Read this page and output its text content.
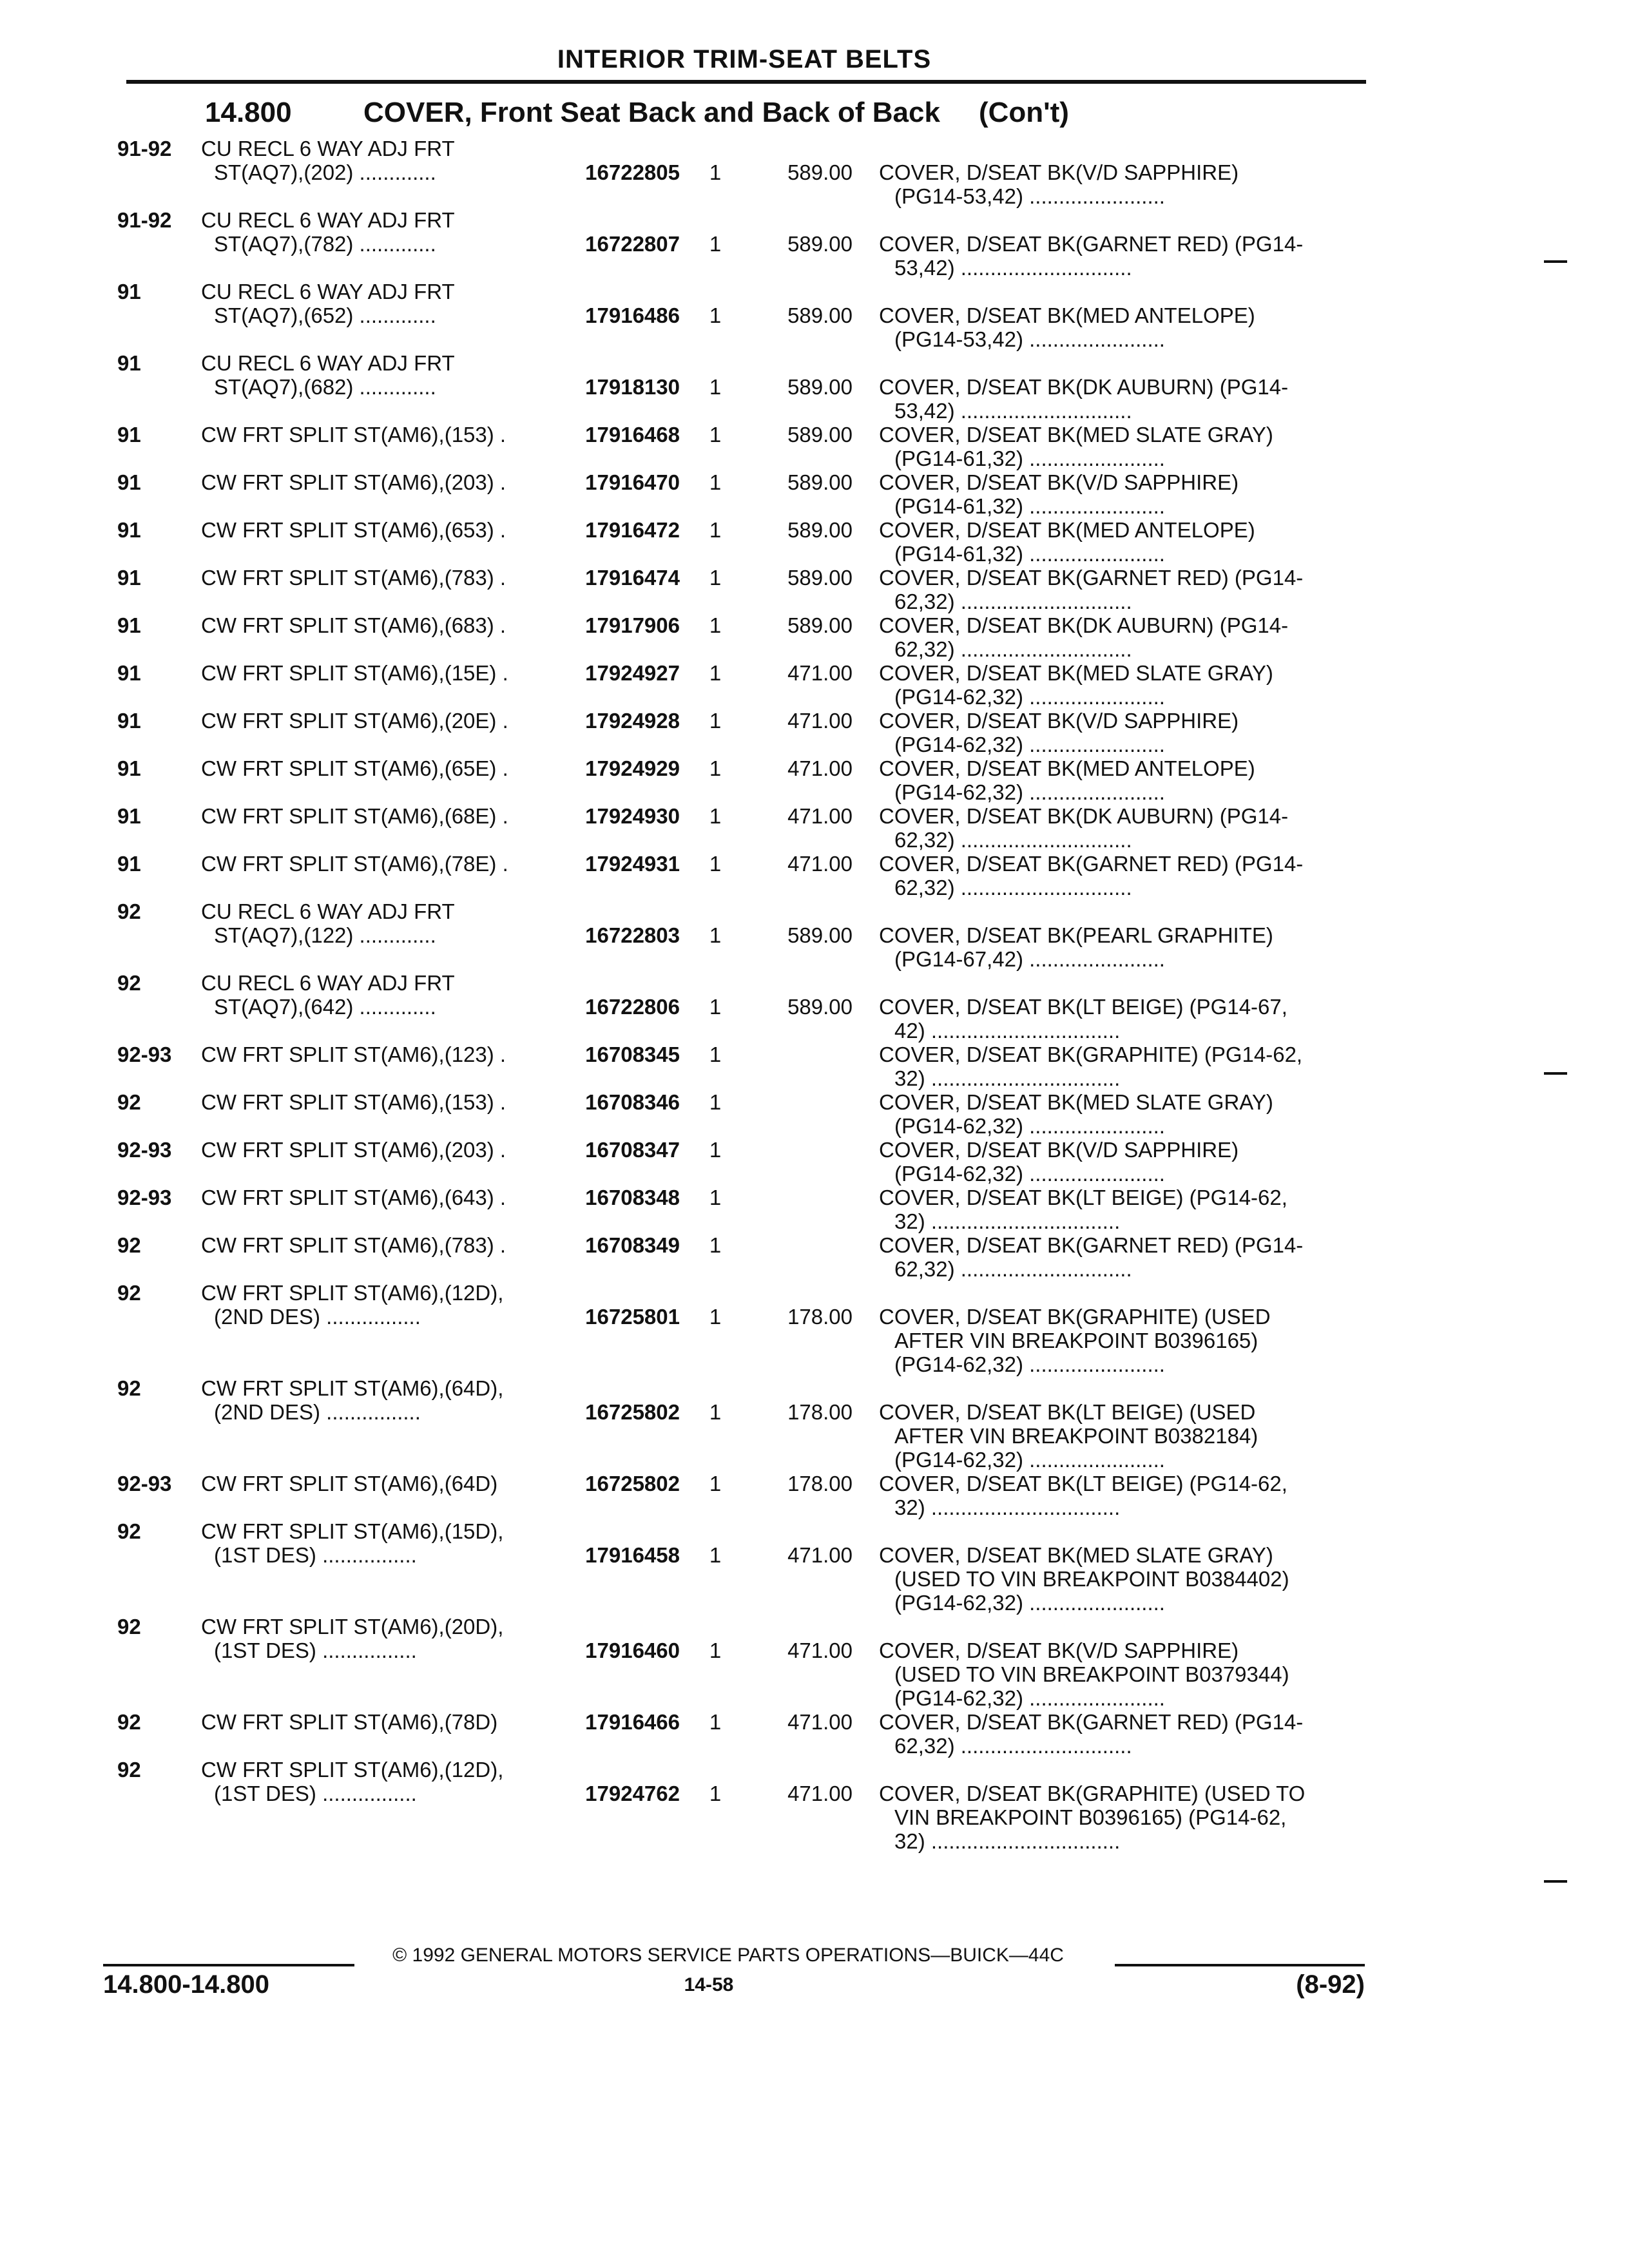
INTERIOR TRIM-SEAT BELTS
14.800	COVER, Front Seat Back and Back of Back (Con't)
91-92	CU RECL 6 WAY ADJ FRT
ST(AQ7),(202) .............	16722805	1	589.00 COVER, D/SEAT BK(V/D SAPPHIRE)
(PG14-53,42) .......................
91-92	CU RECL 6 WAY ADJ FRT
ST(AQ7),(782) .............	16722807	1	589.00 COVER, D/SEAT BK(GARNET RED) (PG14-
53,42) .............................
91	CU RECL 6 WAY ADJ FRT
ST(AQ7),(652) .............	17916486	1	589.00 COVER, D/SEAT BK(MED ANTELOPE)
(PG14-53,42) .......................
91	CU RECL 6 WAY ADJ FRT
ST(AQ7),(682) .............	17918130	1	589.00 COVER, D/SEAT BK(DK AUBURN) (PG14-
53,42) .............................
91	CW FRT SPLIT ST(AM6),(153) .	17916468	1	589.00 COVER, D/SEAT BK(MED SLATE GRAY)
(PG14-61,32) .......................
91	CW FRT SPLIT ST(AM6),(203) .	17916470	1	589.00 COVER, D/SEAT BK(V/D SAPPHIRE)
(PG14-61,32) .......................
91	CW FRT SPLIT ST(AM6),(653) .	17916472	1	589.00 COVER, D/SEAT BK(MED ANTELOPE)
(PG14-61,32) .......................
91	CW FRT SPLIT ST(AM6),(783) .	17916474	1	589.00 COVER, D/SEAT BK(GARNET RED) (PG14-
62,32) .............................
91	CW FRT SPLIT ST(AM6),(683) .	17917906	1	589.00 COVER, D/SEAT BK(DK AUBURN) (PG14-
62,32) .............................
91	CW FRT SPLIT ST(AM6),(15E) .	17924927	1	471.00 COVER, D/SEAT BK(MED SLATE GRAY)
(PG14-62,32) .......................
91	CW FRT SPLIT ST(AM6),(20E) .	17924928	1	471.00 COVER, D/SEAT BK(V/D SAPPHIRE)
(PG14-62,32) .......................
91	CW FRT SPLIT ST(AM6),(65E) .	17924929	1	471.00 COVER, D/SEAT BK(MED ANTELOPE)
(PG14-62,32) .......................
91	CW FRT SPLIT ST(AM6),(68E) .	17924930	1	471.00 COVER, D/SEAT BK(DK AUBURN) (PG14-
62,32) .............................
91	CW FRT SPLIT ST(AM6),(78E) .	17924931	1	471.00 COVER, D/SEAT BK(GARNET RED) (PG14-
62,32) .............................
92	CU RECL 6 WAY ADJ FRT
ST(AQ7),(122) .............	16722803	1	589.00 COVER, D/SEAT BK(PEARL GRAPHITE)
(PG14-67,42) .......................
92	CU RECL 6 WAY ADJ FRT
ST(AQ7),(642) .............	16722806	1	589.00 COVER, D/SEAT BK(LT BEIGE) (PG14-67,
42) ................................
92-93	CW FRT SPLIT ST(AM6),(123) .	16708345	1	COVER, D/SEAT BK(GRAPHITE) (PG14-62,
32) ................................
92	CW FRT SPLIT ST(AM6),(153) .	16708346	1	COVER, D/SEAT BK(MED SLATE GRAY)
(PG14-62,32) .......................
92-93	CW FRT SPLIT ST(AM6),(203) .	16708347	1	COVER, D/SEAT BK(V/D SAPPHIRE)
(PG14-62,32) .......................
92-93	CW FRT SPLIT ST(AM6),(643) .	16708348	1	COVER, D/SEAT BK(LT BEIGE) (PG14-62,
32) ................................
92	CW FRT SPLIT ST(AM6),(783) .	16708349	1	COVER, D/SEAT BK(GARNET RED) (PG14-
62,32) .............................
92	CW FRT SPLIT ST(AM6),(12D),
(2ND DES) ................	16725801	1	178.00 COVER, D/SEAT BK(GRAPHITE) (USED
AFTER VIN BREAKPOINT B0396165)
(PG14-62,32) .......................
92	CW FRT SPLIT ST(AM6),(64D),
(2ND DES) ................	16725802	1	178.00 COVER, D/SEAT BK(LT BEIGE) (USED
AFTER VIN BREAKPOINT B0382184)
(PG14-62,32) .......................
92-93	CW FRT SPLIT ST(AM6),(64D)	16725802	1	178.00 COVER, D/SEAT BK(LT BEIGE) (PG14-62,
32) ................................
92	CW FRT SPLIT ST(AM6),(15D),
(1ST DES) ................	17916458	1	471.00 COVER, D/SEAT BK(MED SLATE GRAY)
(USED TO VIN BREAKPOINT B0384402)
(PG14-62,32) .......................
92	CW FRT SPLIT ST(AM6),(20D),
(1ST DES) ................	17916460	1	471.00 COVER, D/SEAT BK(V/D SAPPHIRE)
(USED TO VIN BREAKPOINT B0379344)
(PG14-62,32) .......................
92	CW FRT SPLIT ST(AM6),(78D)	17916466	1	471.00 COVER, D/SEAT BK(GARNET RED) (PG14-
62,32) .............................
92	CW FRT SPLIT ST(AM6),(12D),
(1ST DES) ................	17924762	1	471.00 COVER, D/SEAT BK(GRAPHITE) (USED TO
VIN BREAKPOINT B0396165) (PG14-62,
32) ................................
© 1992 GENERAL MOTORS SERVICE PARTS OPERATIONS—BUICK—44C
14.800-14.800	14-58	(8-92)
